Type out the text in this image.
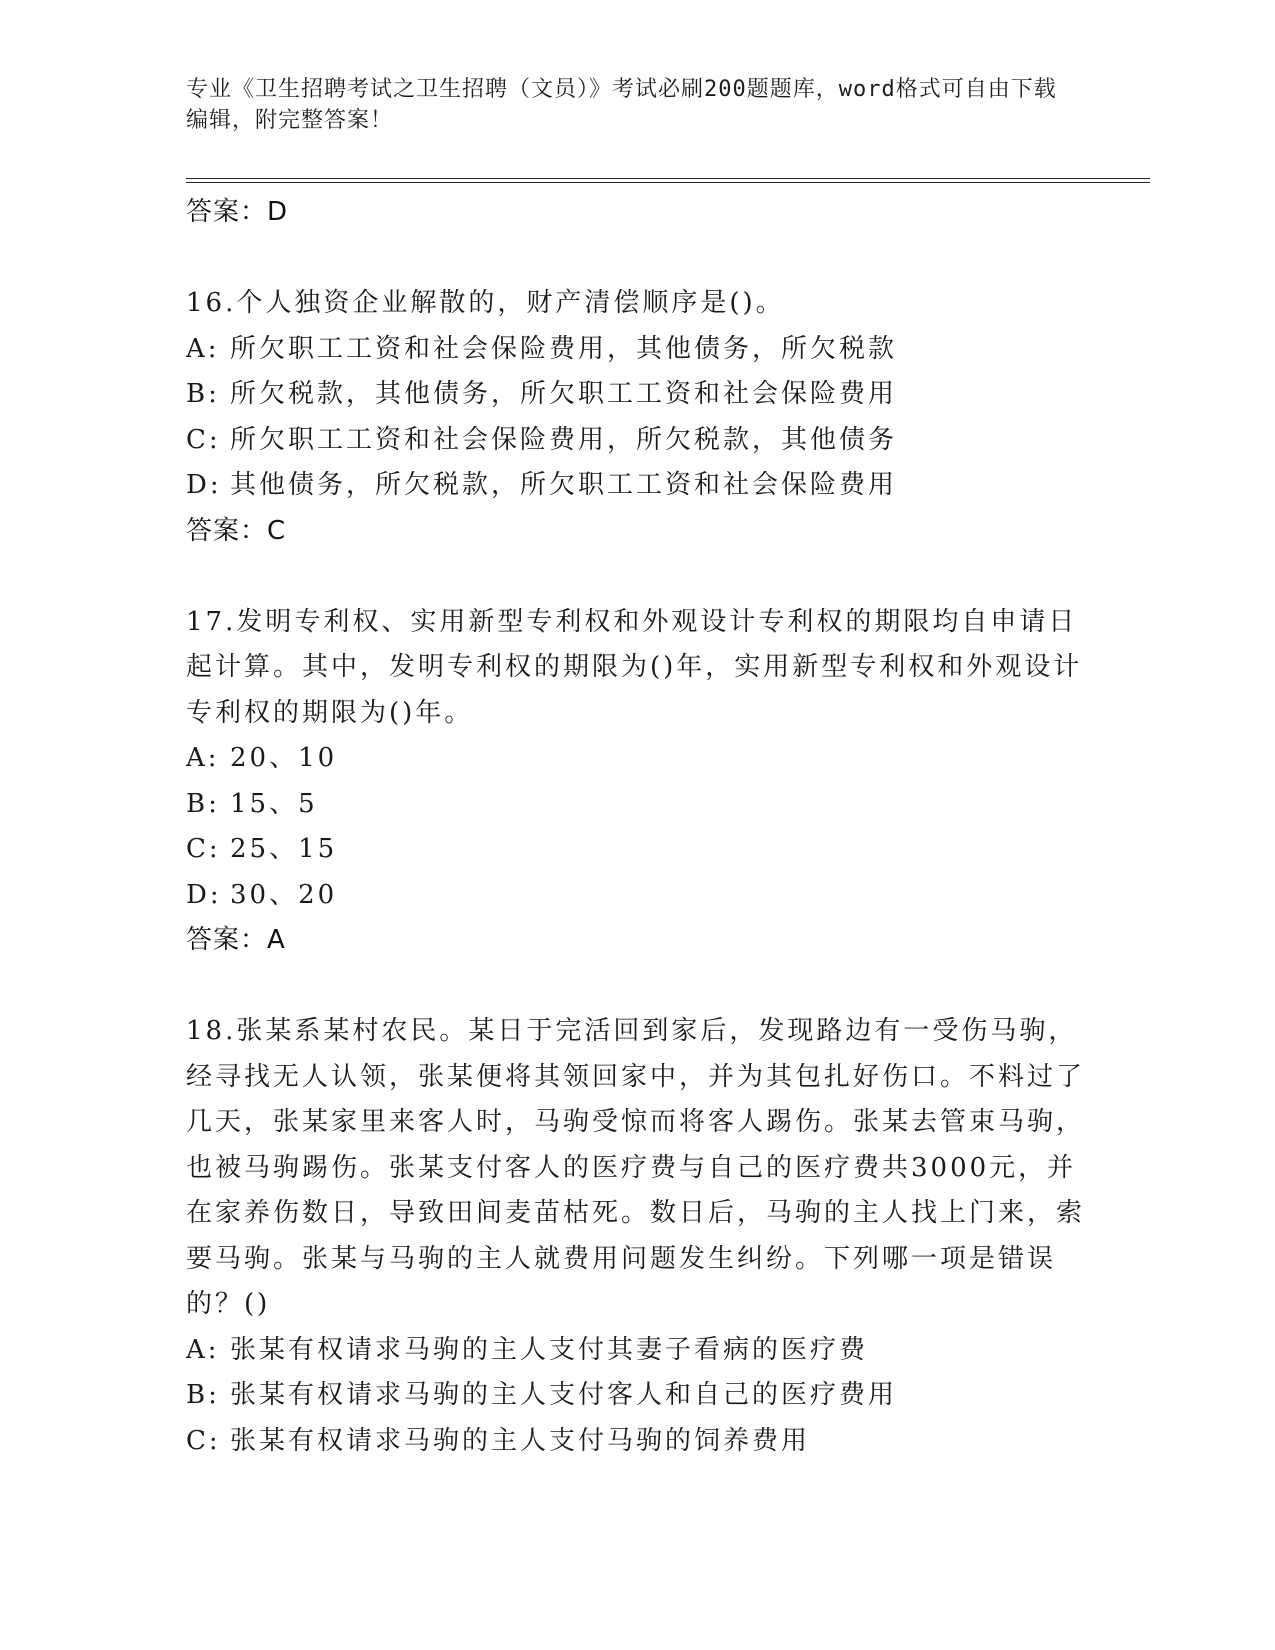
专业《卫生招聘考试之卫生招聘（文员）》考试必刷200题题库，word格式可自由下载编辑，附完整答案！
答案：D

16.个人独资企业解散的，财产清偿顺序是()。

A: 所欠职工工资和社会保险费用，其他债务，所欠税款
B: 所欠税款，其他债务，所欠职工工资和社会保险费用
C: 所欠职工工资和社会保险费用，所欠税款，其他债务
D: 其他债务，所欠税款，所欠职工工资和社会保险费用
答案：C

17.发明专利权、实用新型专利权和外观设计专利权的期限均自申请日起计算。其中，发明专利权的期限为()年，实用新型专利权和外观设计专利权的期限为()年。

A: 20、10
B: 15、5
C: 25、15
D: 30、20
答案：A

18.张某系某村农民。某日于完活回到家后，发现路边有一受伤马驹，经寻找无人认领，张某便将其领回家中，并为其包扎好伤口。不料过了几天，张某家里来客人时，马驹受惊而将客人踢伤。张某去管束马驹，也被马驹踢伤。张某支付客人的医疗费与自己的医疗费共3000元，并在家养伤数日，导致田间麦苗枯死。数日后，马驹的主人找上门来，索要马驹。张某与马驹的主人就费用问题发生纠纷。下列哪一项是错误的？()

A: 张某有权请求马驹的主人支付其妻子看病的医疗费
B: 张某有权请求马驹的主人支付客人和自己的医疗费用
C: 张某有权请求马驹的主人支付马驹的饲养费用
